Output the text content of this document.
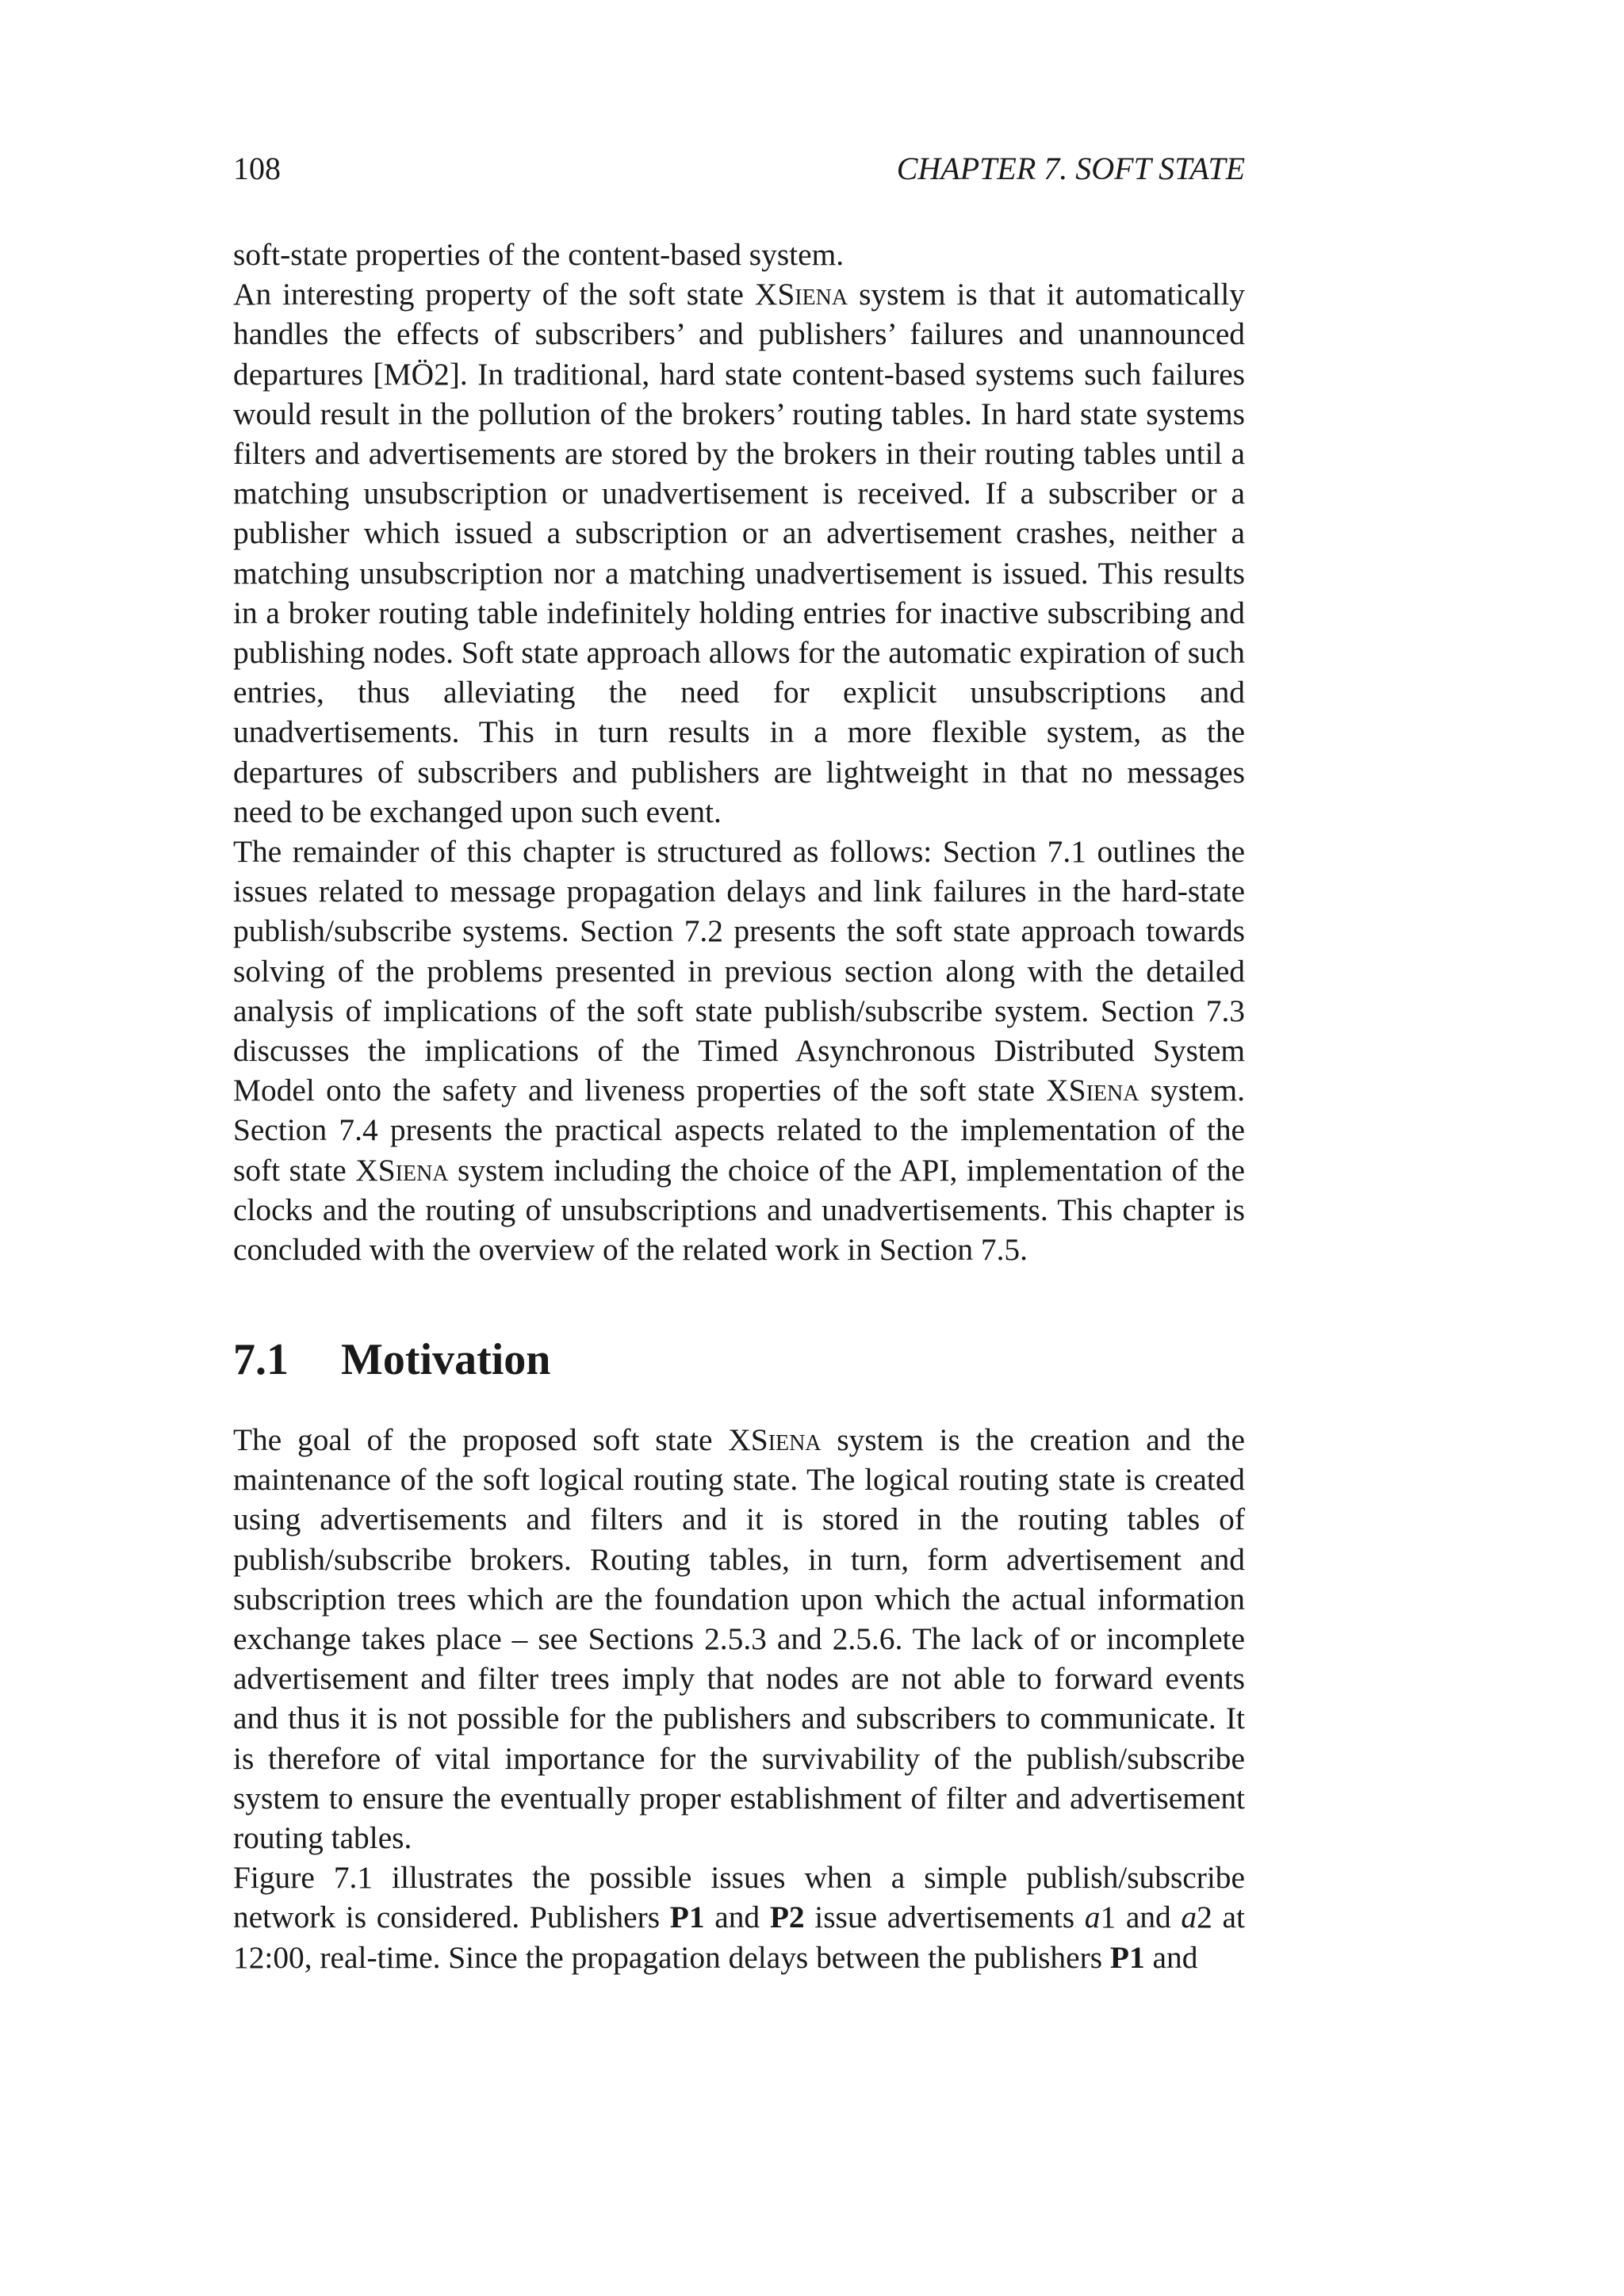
108	CHAPTER 7. SOFT STATE

soft-state properties of the content-based system.

An interesting property of the soft state XSiena system is that it automatically handles the effects of subscribers’ and publishers’ failures and unannounced departures [MÖ2]. In traditional, hard state content-based systems such failures would result in the pollution of the brokers’ routing tables. In hard state systems filters and advertisements are stored by the brokers in their routing tables until a matching unsubscription or unadvertisement is received. If a subscriber or a publisher which issued a subscription or an advertisement crashes, neither a matching unsubscription nor a matching unadvertisement is issued. This results in a broker routing table indefinitely holding entries for inactive subscribing and publishing nodes. Soft state approach allows for the automatic expiration of such entries, thus alleviating the need for explicit unsubscriptions and unadvertisements. This in turn results in a more flexible system, as the departures of subscribers and publishers are lightweight in that no messages need to be exchanged upon such event.

The remainder of this chapter is structured as follows: Section 7.1 outlines the issues related to message propagation delays and link failures in the hard-state publish/subscribe systems. Section 7.2 presents the soft state approach towards solving of the problems presented in previous section along with the detailed analysis of implications of the soft state publish/subscribe system. Section 7.3 discusses the implications of the Timed Asynchronous Distributed System Model onto the safety and liveness properties of the soft state XSiena system. Section 7.4 presents the practical aspects related to the implementation of the soft state XSiena system including the choice of the API, implementation of the clocks and the routing of unsubscriptions and unadvertisements. This chapter is concluded with the overview of the related work in Section 7.5.

7.1 Motivation

The goal of the proposed soft state XSiena system is the creation and the maintenance of the soft logical routing state. The logical routing state is created using advertisements and filters and it is stored in the routing tables of publish/subscribe brokers. Routing tables, in turn, form advertisement and subscription trees which are the foundation upon which the actual information exchange takes place – see Sections 2.5.3 and 2.5.6. The lack of or incomplete advertisement and filter trees imply that nodes are not able to forward events and thus it is not possible for the publishers and subscribers to communicate. It is therefore of vital importance for the survivability of the publish/subscribe system to ensure the eventually proper establishment of filter and advertisement routing tables.

Figure 7.1 illustrates the possible issues when a simple publish/subscribe network is considered. Publishers P1 and P2 issue advertisements a1 and a2 at 12:00, real-time. Since the propagation delays between the publishers P1 and
